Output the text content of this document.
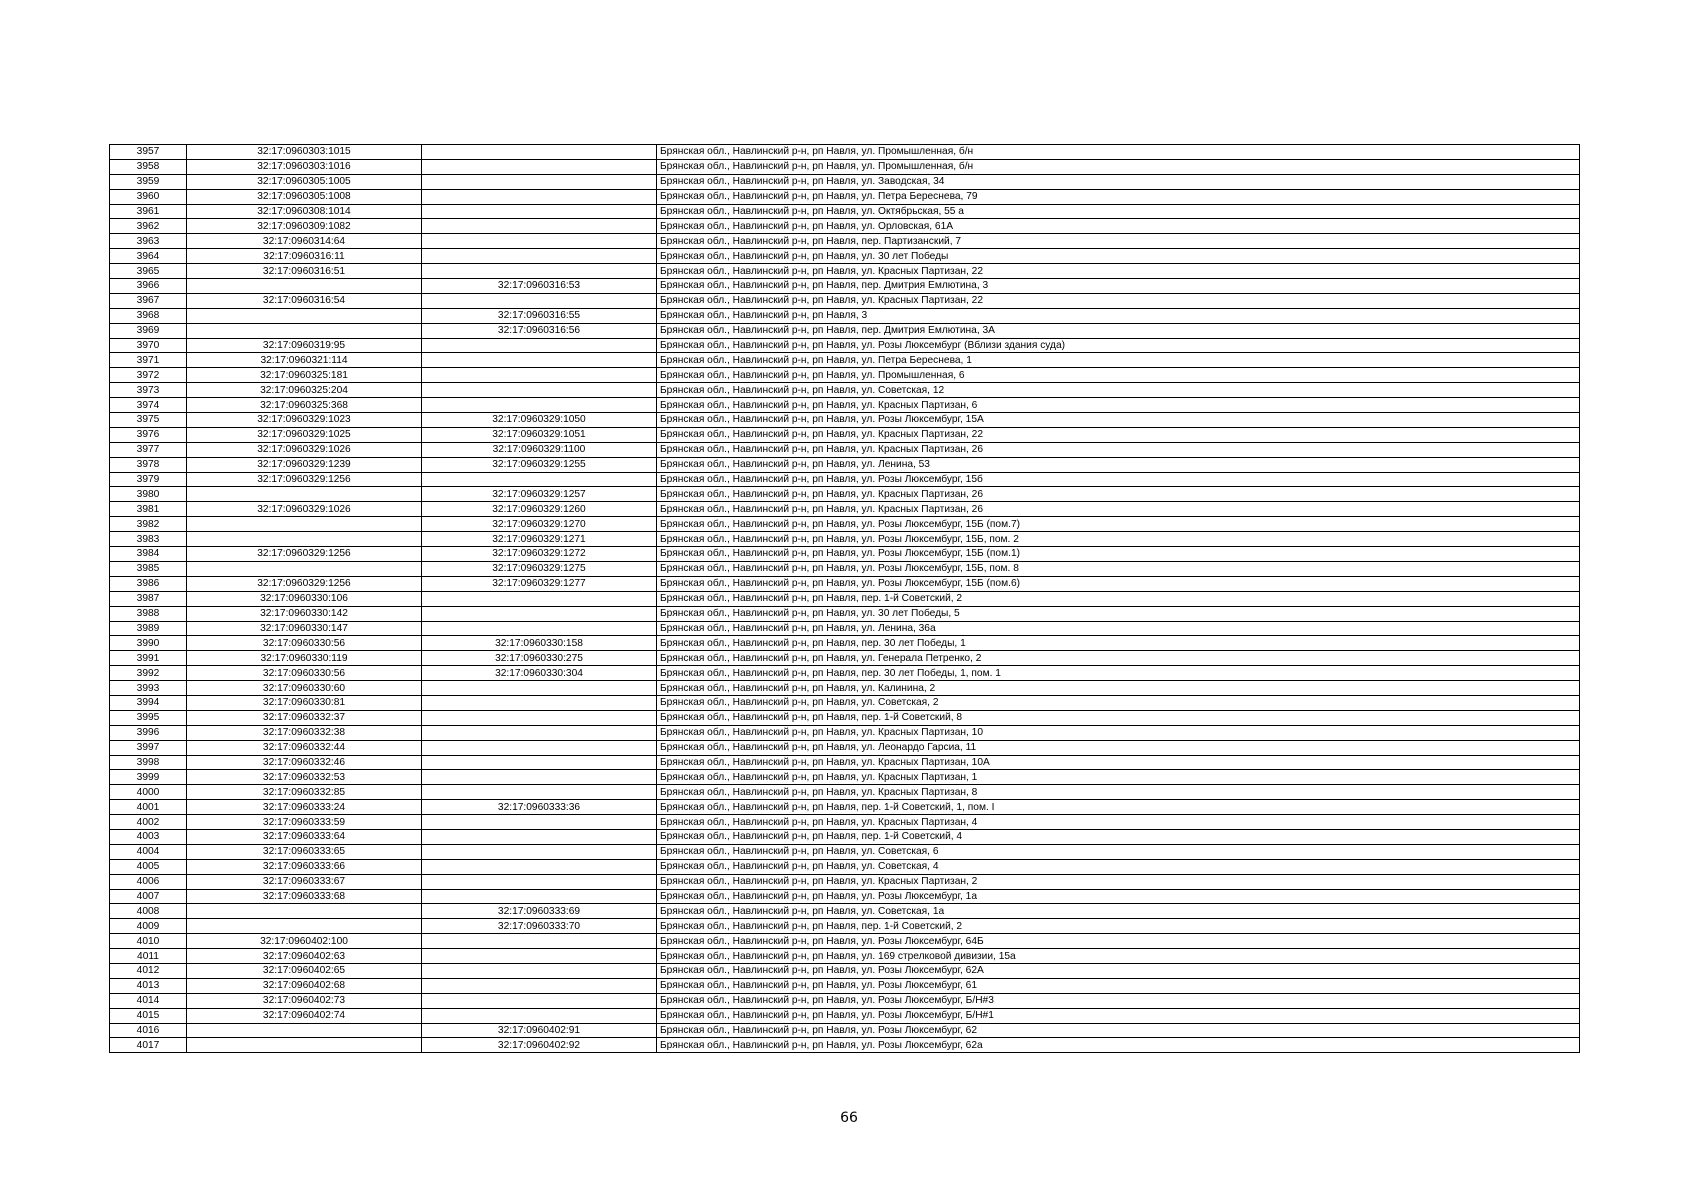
3957	32:17:0960303:1015		Брянская обл., Навлинский р-н, рп Навля, ул. Промышленная, б/н
3958	32:17:0960303:1016		Брянская обл., Навлинский р-н, рп Навля, ул. Промышленная, б/н
3959	32:17:0960305:1005		Брянская обл., Навлинский р-н, рп Навля, ул. Заводская, 34
3960	32:17:0960305:1008		Брянская обл., Навлинский р-н, рп Навля, ул. Петра Береснева, 79
3961	32:17:0960308:1014		Брянская обл., Навлинский р-н, рп Навля, ул. Октябрьская, 55 а
3962	32:17:0960309:1082		Брянская обл., Навлинский р-н, рп Навля, ул. Орловская, 61А
3963	32:17:0960314:64		Брянская обл., Навлинский р-н, рп Навля, пер. Партизанский, 7
3964	32:17:0960316:11		Брянская обл., Навлинский р-н, рп Навля, ул. 30 лет Победы
3965	32:17:0960316:51		Брянская обл., Навлинский р-н, рп Навля, ул. Красных Партизан, 22
3966		32:17:0960316:53	Брянская обл., Навлинский р-н, рп Навля, пер. Дмитрия Емлютина, 3
3967	32:17:0960316:54		Брянская обл., Навлинский р-н, рп Навля, ул. Красных Партизан, 22
3968		32:17:0960316:55	Брянская обл., Навлинский р-н, рп Навля, 3
3969		32:17:0960316:56	Брянская обл., Навлинский р-н, рп Навля, пер. Дмитрия Емлютина, 3А
3970	32:17:0960319:95		Брянская обл., Навлинский р-н, рп Навля, ул. Розы Люксембург (Вблизи здания суда)
3971	32:17:0960321:114		Брянская обл., Навлинский р-н, рп Навля, ул. Петра Береснева, 1
3972	32:17:0960325:181		Брянская обл., Навлинский р-н, рп Навля, ул. Промышленная, 6
3973	32:17:0960325:204		Брянская обл., Навлинский р-н, рп Навля, ул. Советская, 12
3974	32:17:0960325:368		Брянская обл., Навлинский р-н, рп Навля, ул. Красных Партизан, 6
3975	32:17:0960329:1023	32:17:0960329:1050	Брянская обл., Навлинский р-н, рп Навля, ул. Розы Люксембург, 15А
3976	32:17:0960329:1025	32:17:0960329:1051	Брянская обл., Навлинский р-н, рп Навля, ул. Красных Партизан, 22
3977	32:17:0960329:1026	32:17:0960329:1100	Брянская обл., Навлинский р-н, рп Навля, ул. Красных Партизан, 26
3978	32:17:0960329:1239	32:17:0960329:1255	Брянская обл., Навлинский р-н, рп Навля, ул. Ленина, 53
3979	32:17:0960329:1256		Брянская обл., Навлинский р-н, рп Навля, ул. Розы Люксембург, 15б
3980		32:17:0960329:1257	Брянская обл., Навлинский р-н, рп Навля, ул. Красных Партизан, 26
3981	32:17:0960329:1026	32:17:0960329:1260	Брянская обл., Навлинский р-н, рп Навля, ул. Красных Партизан, 26
3982		32:17:0960329:1270	Брянская обл., Навлинский р-н, рп Навля, ул. Розы Люксембург, 15Б (пом.7)
3983		32:17:0960329:1271	Брянская обл., Навлинский р-н, рп Навля, ул. Розы Люксембург, 15Б, пом. 2
3984	32:17:0960329:1256	32:17:0960329:1272	Брянская обл., Навлинский р-н, рп Навля, ул. Розы Люксембург, 15Б (пом.1)
3985		32:17:0960329:1275	Брянская обл., Навлинский р-н, рп Навля, ул. Розы Люксембург, 15Б, пом. 8
3986	32:17:0960329:1256	32:17:0960329:1277	Брянская обл., Навлинский р-н, рп Навля, ул. Розы Люксембург, 15Б (пом.6)
3987	32:17:0960330:106		Брянская обл., Навлинский р-н, рп Навля, пер. 1-й Советский, 2
3988	32:17:0960330:142		Брянская обл., Навлинский р-н, рп Навля, ул. 30 лет Победы, 5
3989	32:17:0960330:147		Брянская обл., Навлинский р-н, рп Навля, ул. Ленина, 36а
3990	32:17:0960330:56	32:17:0960330:158	Брянская обл., Навлинский р-н, рп Навля, пер. 30 лет Победы, 1
3991	32:17:0960330:119	32:17:0960330:275	Брянская обл., Навлинский р-н, рп Навля, ул. Генерала Петренко, 2
3992	32:17:0960330:56	32:17:0960330:304	Брянская обл., Навлинский р-н, рп Навля, пер. 30 лет Победы, 1, пом. 1
3993	32:17:0960330:60		Брянская обл., Навлинский р-н, рп Навля, ул. Калинина, 2
3994	32:17:0960330:81		Брянская обл., Навлинский р-н, рп Навля, ул. Советская, 2
3995	32:17:0960332:37		Брянская обл., Навлинский р-н, рп Навля, пер. 1-й Советский, 8
3996	32:17:0960332:38		Брянская обл., Навлинский р-н, рп Навля, ул. Красных Партизан, 10
3997	32:17:0960332:44		Брянская обл., Навлинский р-н, рп Навля, ул. Леонардо Гарсиа, 11
3998	32:17:0960332:46		Брянская обл., Навлинский р-н, рп Навля, ул. Красных Партизан, 10А
3999	32:17:0960332:53		Брянская обл., Навлинский р-н, рп Навля, ул. Красных Партизан, 1
4000	32:17:0960332:85		Брянская обл., Навлинский р-н, рп Навля, ул. Красных Партизан, 8
4001	32:17:0960333:24	32:17:0960333:36	Брянская обл., Навлинский р-н, рп Навля, пер. 1-й Советский, 1, пом. I
4002	32:17:0960333:59		Брянская обл., Навлинский р-н, рп Навля, ул. Красных Партизан, 4
4003	32:17:0960333:64		Брянская обл., Навлинский р-н, рп Навля, пер. 1-й Советский, 4
4004	32:17:0960333:65		Брянская обл., Навлинский р-н, рп Навля, ул. Советская, 6
4005	32:17:0960333:66		Брянская обл., Навлинский р-н, рп Навля, ул. Советская, 4
4006	32:17:0960333:67		Брянская обл., Навлинский р-н, рп Навля, ул. Красных Партизан, 2
4007	32:17:0960333:68		Брянская обл., Навлинский р-н, рп Навля, ул. Розы Люксембург, 1а
4008		32:17:0960333:69	Брянская обл., Навлинский р-н, рп Навля, ул. Советская, 1а
4009		32:17:0960333:70	Брянская обл., Навлинский р-н, рп Навля, пер. 1-й Советский, 2
4010	32:17:0960402:100		Брянская обл., Навлинский р-н, рп Навля, ул. Розы Люксембург, 64Б
4011	32:17:0960402:63		Брянская обл., Навлинский р-н, рп Навля, ул. 169 стрелковой дивизии, 15а
4012	32:17:0960402:65		Брянская обл., Навлинский р-н, рп Навля, ул. Розы Люксембург, 62А
4013	32:17:0960402:68		Брянская обл., Навлинский р-н, рп Навля, ул. Розы Люксембург, 61
4014	32:17:0960402:73		Брянская обл., Навлинский р-н, рп Навля, ул. Розы Люксембург, Б/Н#3
4015	32:17:0960402:74		Брянская обл., Навлинский р-н, рп Навля, ул. Розы Люксембург, Б/Н#1
4016		32:17:0960402:91	Брянская обл., Навлинский р-н, рп Навля, ул. Розы Люксембург, 62
4017		32:17:0960402:92	Брянская обл., Навлинский р-н, рп Навля, ул. Розы Люксембург, 62а
66
